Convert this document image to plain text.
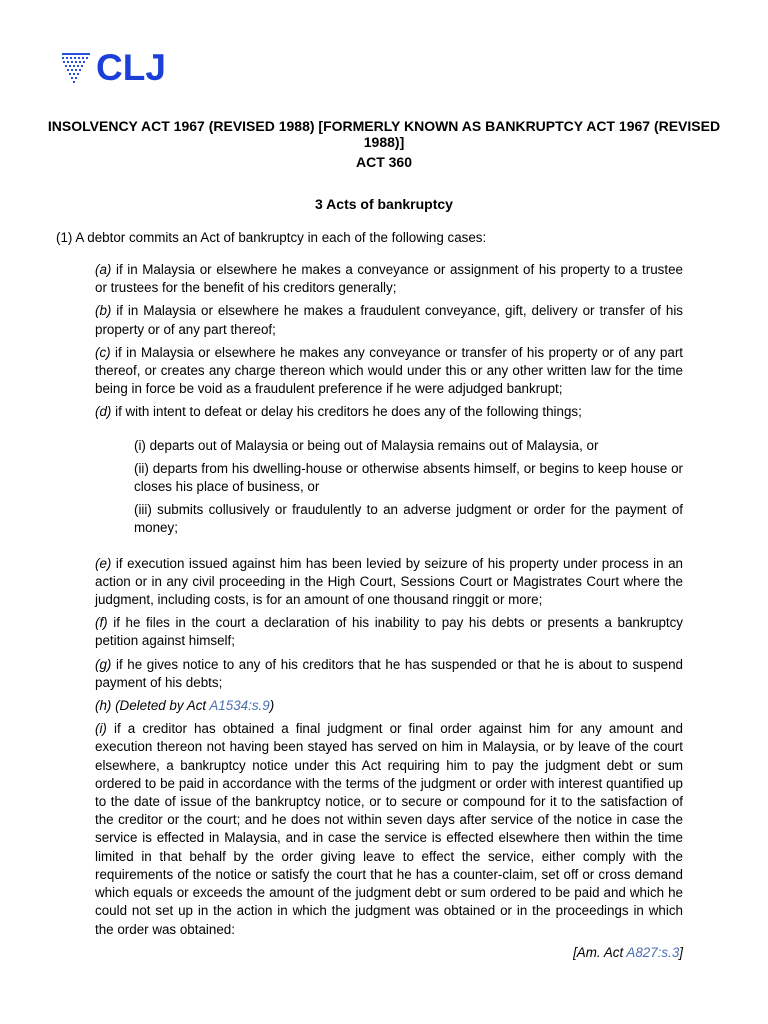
CLJ
INSOLVENCY ACT 1967 (REVISED 1988) [FORMERLY KNOWN AS BANKRUPTCY ACT 1967 (REVISED 1988)]
ACT 360
3 Acts of bankruptcy
(1) A debtor commits an Act of bankruptcy in each of the following cases:

(a) if in Malaysia or elsewhere he makes a conveyance or assignment of his property to a trustee or trustees for the benefit of his creditors generally;

(b) if in Malaysia or elsewhere he makes a fraudulent conveyance, gift, delivery or transfer of his property or of any part thereof;

(c) if in Malaysia or elsewhere he makes any conveyance or transfer of his property or of any part thereof, or creates any charge thereon which would under this or any other written law for the time being in force be void as a fraudulent preference if he were adjudged bankrupt;

(d) if with intent to defeat or delay his creditors he does any of the following things;

(i) departs out of Malaysia or being out of Malaysia remains out of Malaysia, or

(ii) departs from his dwelling-house or otherwise absents himself, or begins to keep house or closes his place of business, or

(iii) submits collusively or fraudulently to an adverse judgment or order for the payment of money;

(e) if execution issued against him has been levied by seizure of his property under process in an action or in any civil proceeding in the High Court, Sessions Court or Magistrates Court where the judgment, including costs, is for an amount of one thousand ringgit or more;

(f) if he files in the court a declaration of his inability to pay his debts or presents a bankruptcy petition against himself;

(g) if he gives notice to any of his creditors that he has suspended or that he is about to suspend payment of his debts;

(h) (Deleted by Act A1534:s.9)

(i) if a creditor has obtained a final judgment or final order against him for any amount and execution thereon not having been stayed has served on him in Malaysia, or by leave of the court elsewhere, a bankruptcy notice under this Act requiring him to pay the judgment debt or sum ordered to be paid in accordance with the terms of the judgment or order with interest quantified up to the date of issue of the bankruptcy notice, or to secure or compound for it to the satisfaction of the creditor or the court; and he does not within seven days after service of the notice in case the service is effected in Malaysia, and in case the service is effected elsewhere then within the time limited in that behalf by the order giving leave to effect the service, either comply with the requirements of the notice or satisfy the court that he has a counter-claim, set off or cross demand which equals or exceeds the amount of the judgment debt or sum ordered to be paid and which he could not set up in the action in which the judgment was obtained or in the proceedings in which the order was obtained:

[Am. Act A827:s.3]
